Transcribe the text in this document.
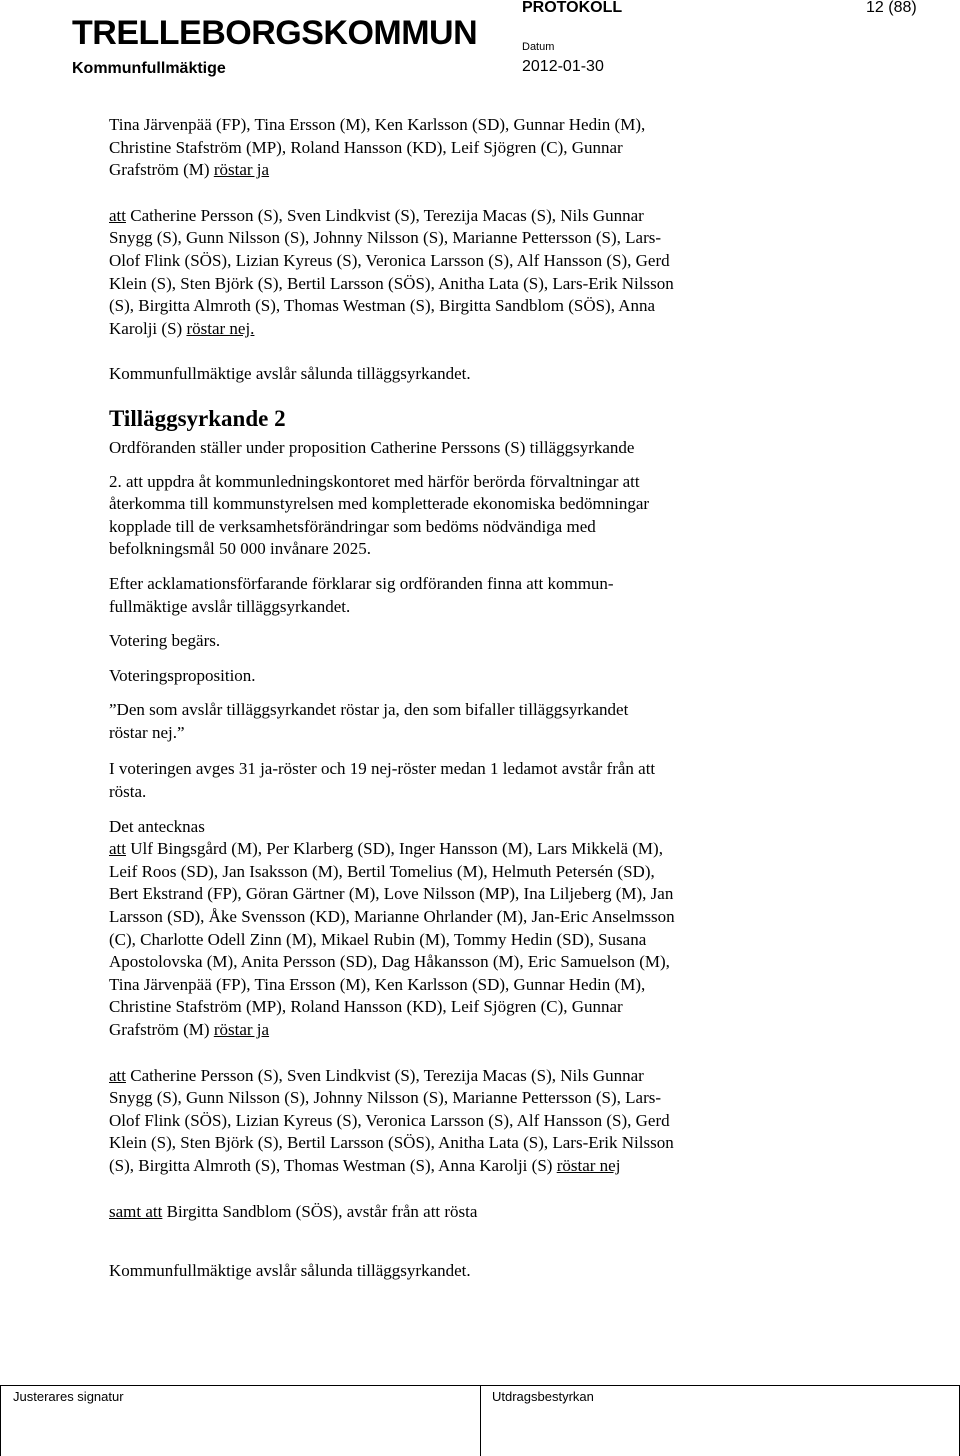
TRELLEBORGSKOMMUN
Kommunfullmäktige
PROTOKOLL	12 (88)
Datum
2012-01-30
Tina Järvenpää (FP), Tina Ersson (M), Ken Karlsson (SD), Gunnar Hedin (M),
Christine Stafström (MP), Roland Hansson (KD), Leif Sjögren (C), Gunnar
Grafström (M) röstar ja
att Catherine Persson (S), Sven Lindkvist (S), Terezija Macas (S), Nils Gunnar
Snygg (S), Gunn Nilsson (S), Johnny Nilsson (S), Marianne Pettersson (S), Lars-
Olof Flink (SÖS), Lizian Kyreus (S), Veronica Larsson (S), Alf Hansson (S), Gerd
Klein (S), Sten Björk (S), Bertil Larsson (SÖS), Anitha Lata (S), Lars-Erik Nilsson
(S), Birgitta Almroth (S), Thomas Westman (S), Birgitta Sandblom (SÖS), Anna
Karolji (S) röstar nej.

Kommunfullmäktige avslår sålunda tilläggsyrkandet.

Tilläggsyrkande 2

Ordföranden ställer under proposition Catherine Perssons (S) tilläggsyrkande

2. att uppdra åt kommunledningskontoret med härför berörda förvaltningar att
återkomma till kommunstyrelsen med kompletterade ekonomiska bedömningar
kopplade till de verksamhetsförändringar som bedöms nödvändiga med
befolkningsmål 50 000 invånare 2025.
Efter acklamationsförfarande förklarar sig ordföranden finna att kommun-
fullmäktige avslår tilläggsyrkandet.

Votering begärs.

Voteringsproposition.

”Den som avslår tilläggsyrkandet röstar ja, den som bifaller tilläggsyrkandet
röstar nej.”
I voteringen avges 31 ja-röster och 19 nej-röster medan 1 ledamot avstår från att
rösta.

Det antecknas

att Ulf Bingsgård (M), Per Klarberg (SD), Inger Hansson (M), Lars Mikkelä (M),
Leif Roos (SD), Jan Isaksson (M), Bertil Tomelius (M), Helmuth Petersén (SD),
Bert Ekstrand (FP), Göran Gärtner (M), Love Nilsson (MP), Ina Liljeberg (M), Jan
Larsson (SD), Åke Svensson (KD), Marianne Ohrlander (M), Jan-Eric Anselmsson
(C), Charlotte Odell Zinn (M), Mikael Rubin (M), Tommy Hedin (SD), Susana
Apostolovska (M), Anita Persson (SD), Dag Håkansson (M), Eric Samuelson (M),
Tina Järvenpää (FP), Tina Ersson (M), Ken Karlsson (SD), Gunnar Hedin (M),
Christine Stafström (MP), Roland Hansson (KD), Leif Sjögren (C), Gunnar
Grafström (M) röstar ja
att Catherine Persson (S), Sven Lindkvist (S), Terezija Macas (S), Nils Gunnar
Snygg (S), Gunn Nilsson (S), Johnny Nilsson (S), Marianne Pettersson (S), Lars-
Olof Flink (SÖS), Lizian Kyreus (S), Veronica Larsson (S), Alf Hansson (S), Gerd
Klein (S), Sten Björk (S), Bertil Larsson (SÖS), Anitha Lata (S), Lars-Erik Nilsson
(S), Birgitta Almroth (S), Thomas Westman (S), Anna Karolji (S) röstar nej

samt att Birgitta Sandblom (SÖS), avstår från att rösta

Kommunfullmäktige avslår sålunda tilläggsyrkandet.

Justerares signatur	Utdragsbestyrkan
